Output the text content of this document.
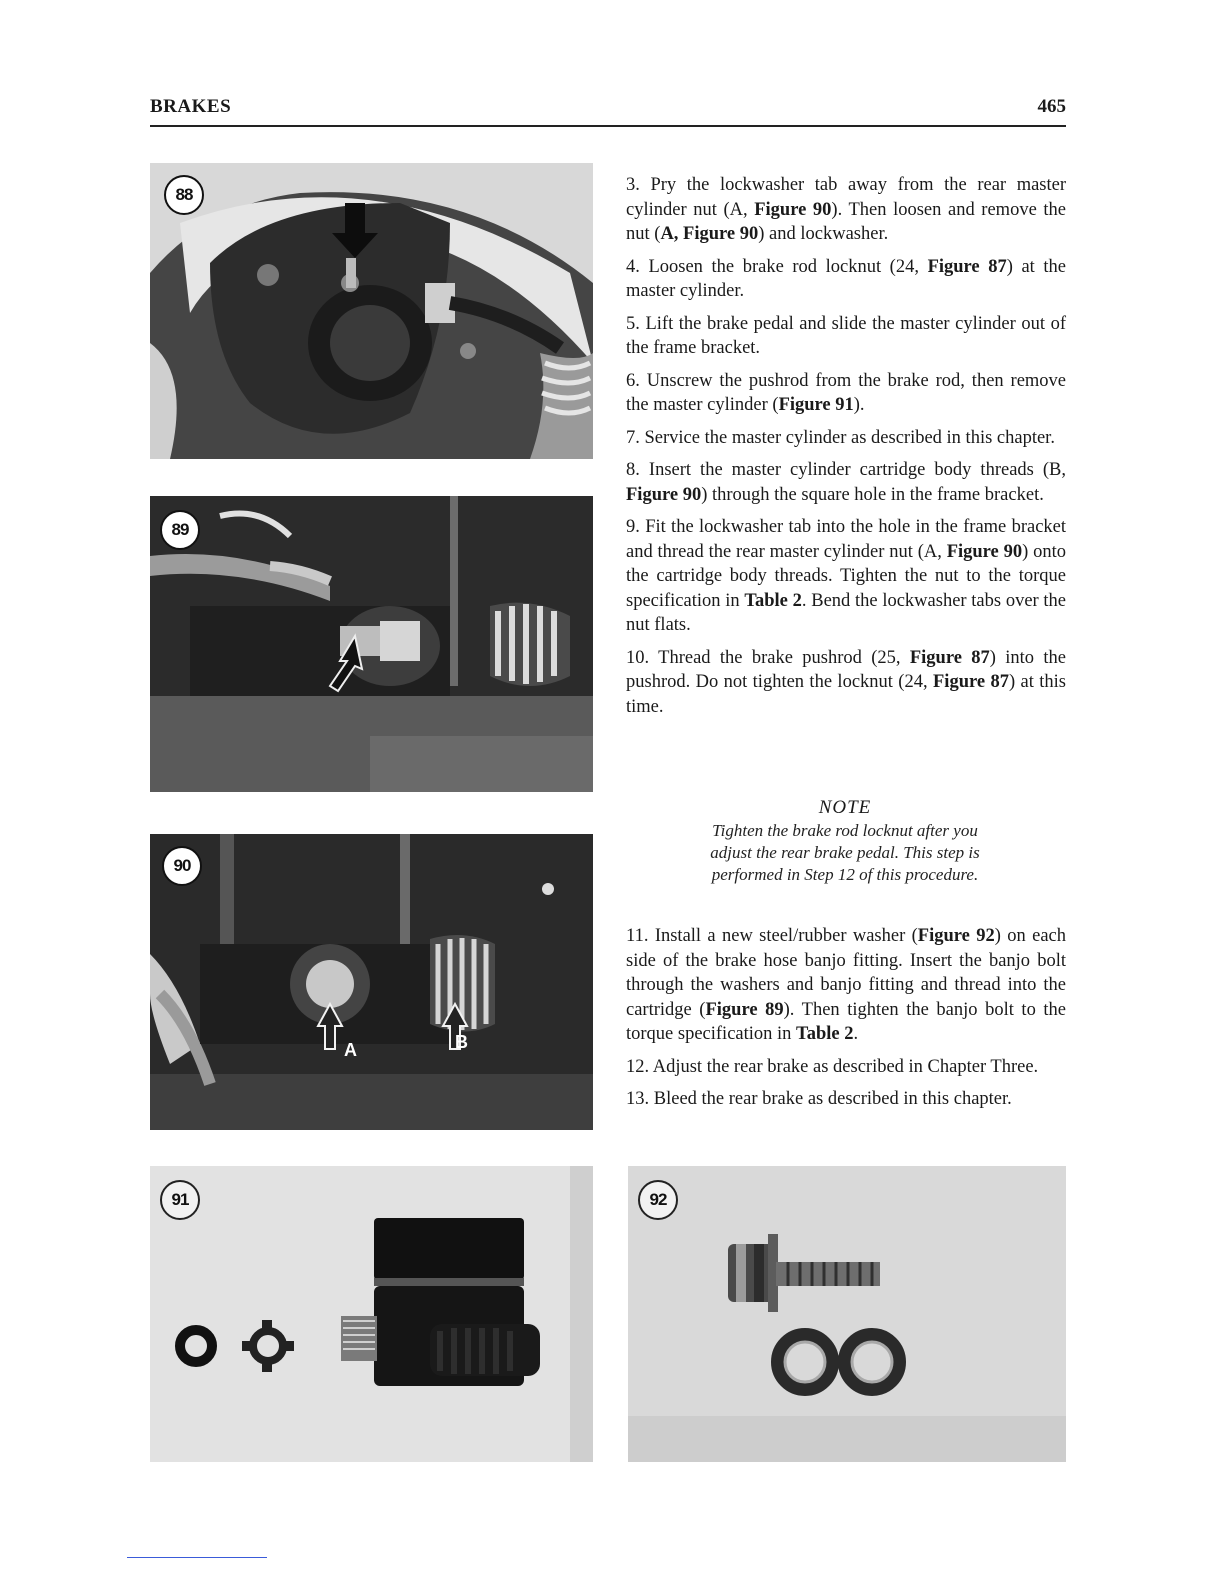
BRAKES	465
88
89
90
A	B
91	92

3. Pry the lockwasher tab away from the rear master cylinder nut (A, Figure 90). Then loosen and remove the nut (A, Figure 90) and lockwasher.

4. Loosen the brake rod locknut (24, Figure 87) at the master cylinder.

5. Lift the brake pedal and slide the master cylinder out of the frame bracket.

6. Unscrew the pushrod from the brake rod, then remove the master cylinder (Figure 91).

7. Service the master cylinder as described in this chapter.

8. Insert the master cylinder cartridge body threads (B, Figure 90) through the square hole in the frame bracket.

9. Fit the lockwasher tab into the hole in the frame bracket and thread the rear master cylinder nut (A, Figure 90) onto the cartridge body threads. Tighten the nut to the torque specification in Table 2. Bend the lockwasher tabs over the nut flats.

10. Thread the brake pushrod (25, Figure 87) into the pushrod. Do not tighten the locknut (24, Figure 87) at this time.

NOTE
Tighten the brake rod locknut after you
adjust the rear brake pedal. This step is
performed in Step 12 of this procedure.

11. Install a new steel/rubber washer (Figure 92) on each side of the brake hose banjo fitting. Insert the banjo bolt through the washers and banjo fitting and thread into the cartridge (Figure 89). Then tighten the banjo bolt to the torque specification in Table 2.

12. Adjust the rear brake as described in Chapter Three.

13. Bleed the rear brake as described in this chapter.
